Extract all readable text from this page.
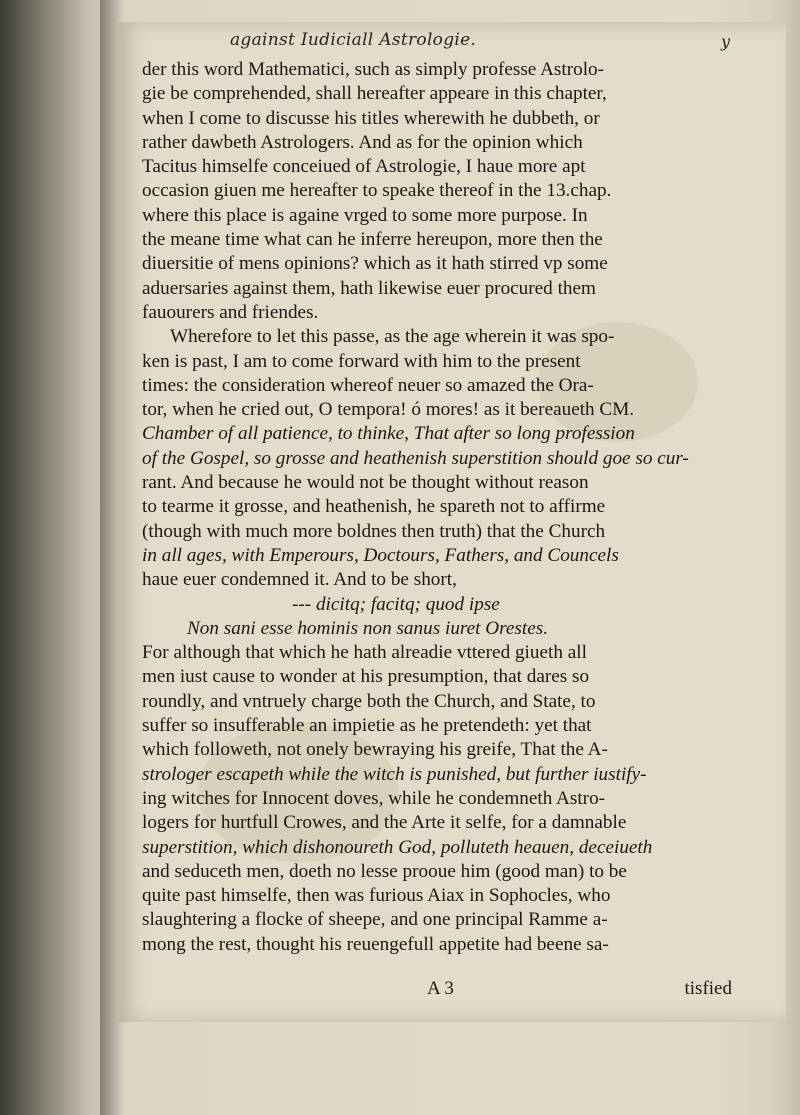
against Iudiciall Astrologie.	y
der this word Mathematici, such as simply professe Astrolo-
gie be comprehended, shall hereafter appeare in this chapter,
when I come to discusse his titles wherewith he dubbeth, or
rather dawbeth Astrologers. And as for the opinion which
Tacitus himselfe conceiued of Astrologie, I haue more apt
occasion giuen me hereafter to speake thereof in the 13.chap.
where this place is againe vrged to some more purpose. In
the meane time what can he inferre hereupon, more then the
diuersitie of mens opinions? which as it hath stirred vp some
aduersaries against them, hath likewise euer procured them
fauourers and friendes.
Wherefore to let this passe, as the age wherein it was spo-
ken is past, I am to come forward with him to the present
times: the consideration whereof neuer so amazed the Ora-
tor, when he cried out, O tempora! ó mores! as it bereaueth CM.
Chamber of all patience, to thinke, That after so long profession
of the Gospel, so grosse and heathenish superstition should goe so cur-
rant. And because he would not be thought without reason
to tearme it grosse, and heathenish, he spareth not to affirme
(though with much more boldnes then truth) that the Church
in all ages, with Emperours, Doctours, Fathers, and Councels
haue euer condemned it. And to be short,
--- dicitq; facitq; quod ipse
Non sani esse hominis non sanus iuret Orestes.
For although that which he hath alreadie vttered giueth all
men iust cause to wonder at his presumption, that dares so
roundly, and vntruely charge both the Church, and State, to
suffer so insufferable an impietie as he pretendeth: yet that
which followeth, not onely bewraying his greife, That the A-
strologer escapeth while the witch is punished, but further iustify-
ing witches for Innocent doves, while he condemneth Astro-
logers for hurtfull Crowes, and the Arte it selfe, for a damnable
superstition, which dishonoureth God, polluteth heauen, deceiueth
and seduceth men, doeth no lesse prooue him (good man) to be
quite past himselfe, then was furious Aiax in Sophocles, who
slaughtering a flocke of sheepe, and one principal Ramme a-
mong the rest, thought his reuengefull appetite had beene sa-
A 3	tisfied
